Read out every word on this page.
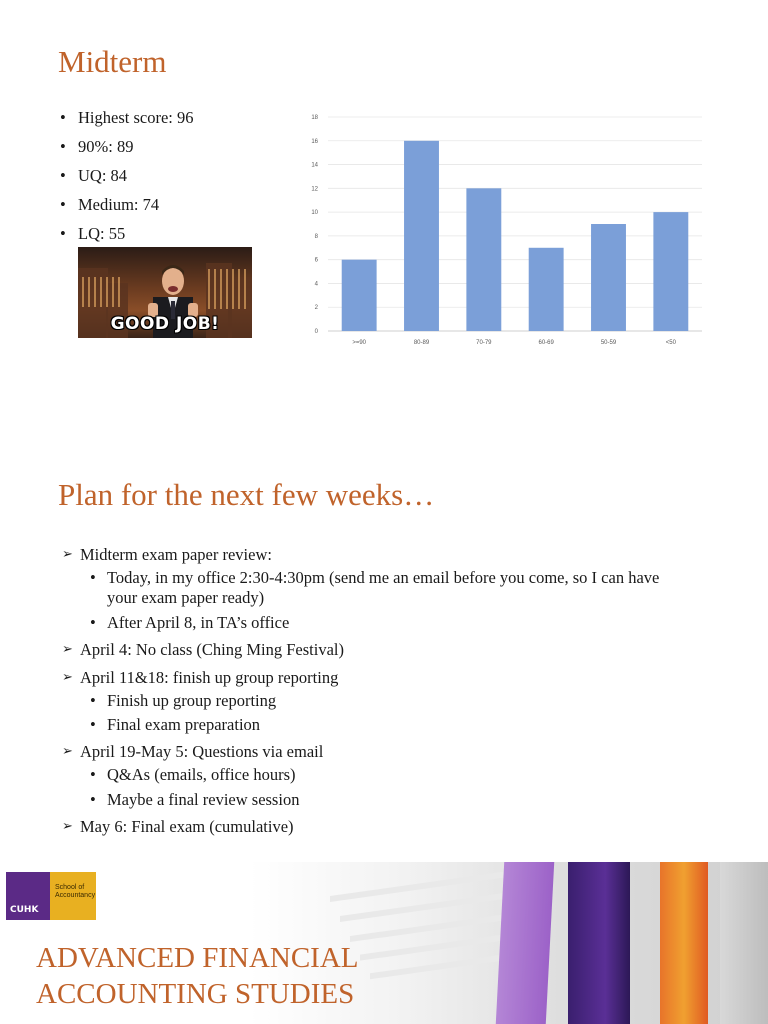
Midterm
• Highest score: 96
• 90%: 89
• UQ: 84
• Medium: 74
• LQ: 55
GOOD JOB!	0
2
4
6
8
10
12
14
16
18
>=90	80-89	70-79	60-69	50-59	<50
Plan for the next few weeks…
➢ Midterm exam paper review:
• Today, in my office 2:30-4:30pm (send me an email before you come, so I can have your exam paper ready)
• After April 8, in TA’s office
➢ April 4: No class (Ching Ming Festival)
➢ April 11&18: finish up group reporting
• Finish up group reporting
• Final exam preparation
➢ April 19-May 5: Questions via email
• Q&As (emails, office hours)
• Maybe a final review session
➢ May 6: Final exam (cumulative)
CUHK
School of Accountancy
ADVANCED FINANCIAL
ACCOUNTING STUDIES
